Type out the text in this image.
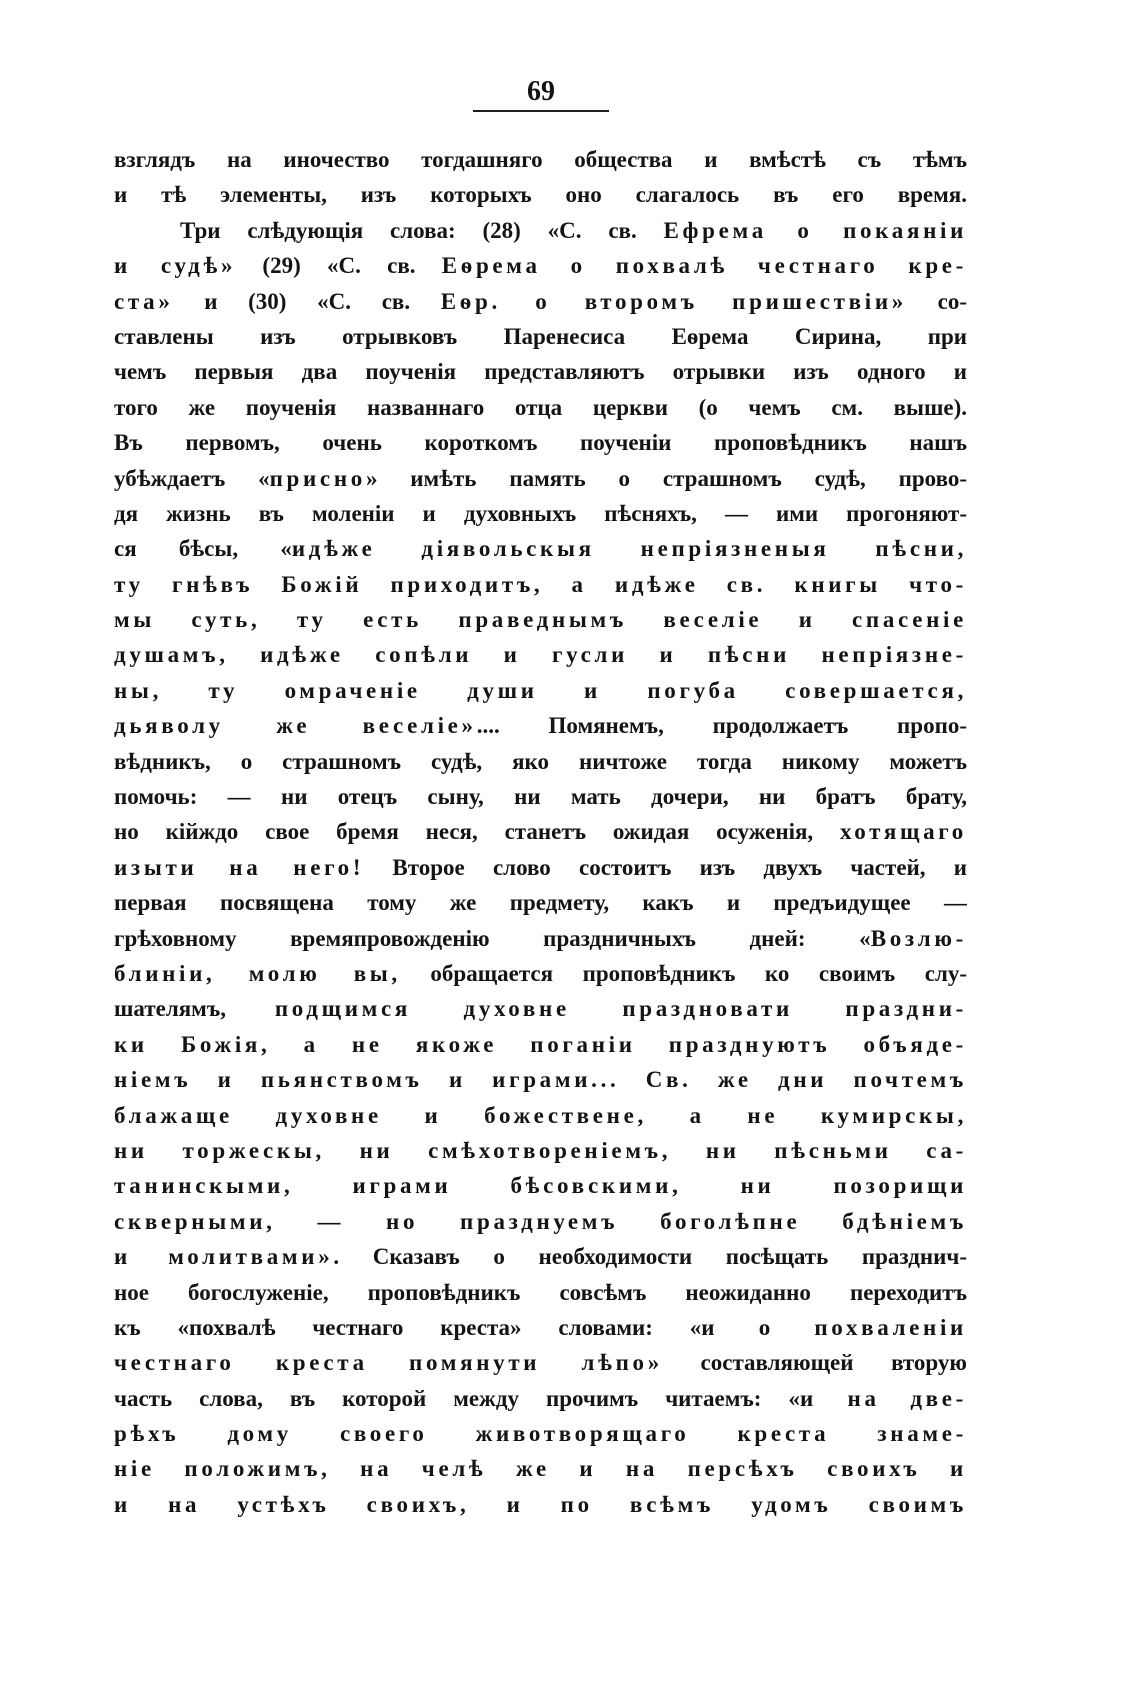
69
взглядъ на иночество тогдашняго общества и вмѣстѣ съ тѣмъ
и тѣ элементы, изъ которыхъ оно слагалось въ его время.
Три слѣдующія слова: (28) «С. св. Ефрема о покаяніи
и судѣ» (29) «С. св. Еѳрема о похвалѣ честнаго кре-
ста» и (30) «С. св. Еѳр. о второмъ пришествіи» со-
ставлены изъ отрывковъ Паренесиса Еѳрема Сирина, при
чемъ первыя два поученія представляютъ отрывки изъ одного и
того же поученія названнаго отца церкви (о чемъ см. выше).
Въ первомъ, очень короткомъ поученіи проповѣдникъ нашъ
убѣждаетъ «присно» имѣть память о страшномъ судѣ, прово-
дя жизнь въ моленіи и духовныхъ пѣсняхъ, — ими прогоняют-
ся бѣсы, «идѣже діявольскыя непріязненыя пѣсни,
ту гнѣвъ Божій приходитъ, а идѣже св. книгы что-
мы суть, ту есть праведнымъ веселіе и спасеніе
душамъ, идѣже сопѣли и гусли и пѣсни непріязне-
ны, ту омраченіе души и погуба совершается,
дьяволу же веселіе».... Помянемъ, продолжаетъ пропо-
вѣдникъ, о страшномъ судѣ, яко ничтоже тогда никому можетъ
помочь: — ни отецъ сыну, ни мать дочери, ни братъ брату,
но кійждо свое бремя неся, станетъ ожидая осуженія, хотящаго
изыти на него! Второе слово состоитъ изъ двухъ частей, и
первая посвящена тому же предмету, какъ и предъидущее —
грѣховному времяпровожденію праздничныхъ дней: «Возлю-
блиніи, молю вы, обращается проповѣдникъ ко своимъ слу-
шателямъ, подщимся духовне праздновати праздни-
ки Божія, а не якоже поганіи празднуютъ объяде-
ніемъ и пьянствомъ и играми... Св. же дни почтемъ
блажаще духовне и божествене, а не кумирскы,
ни торжескы, ни смѣхотвореніемъ, ни пѣсньми са-
танинскыми, играми бѣсовскими, ни позорищи
скверными, — но празднуемъ боголѣпне бдѣніемъ
и молитвами». Сказавъ о необходимости посѣщать празднич-
ное богослуженіе, проповѣдникъ совсѣмъ неожиданно переходитъ
къ «похвалѣ честнаго креста» словами: «и о похваленіи
честнаго креста помянути лѣпо» составляющей вторую
часть слова, въ которой между прочимъ читаемъ: «и на две-
рѣхъ дому своего животворящаго креста знаме-
ніе положимъ, на челѣ же и на персѣхъ своихъ и
и на устѣхъ своихъ, и по всѣмъ удомъ своимъ
